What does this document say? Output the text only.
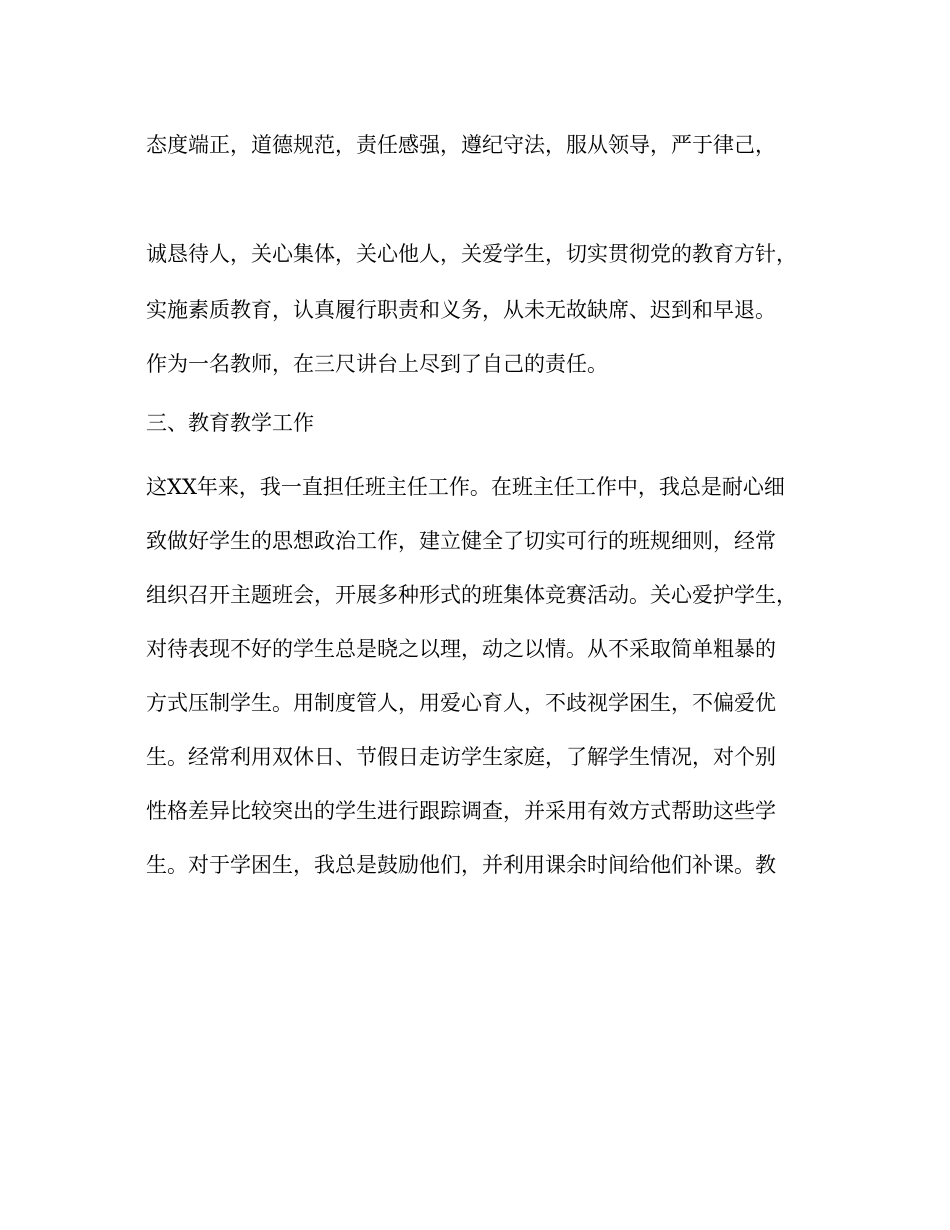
态度端正，道德规范，责任感强，遵纪守法，服从领导，严于律己，
诚恳待人，关心集体，关心他人，关爱学生，切实贯彻党的教育方针，
实施素质教育，认真履行职责和义务，从未无故缺席、迟到和早退。
作为一名教师，在三尺讲台上尽到了自己的责任。
三、教育教学工作
这XX年来，我一直担任班主任工作。在班主任工作中，我总是耐心细
致做好学生的思想政治工作，建立健全了切实可行的班规细则，经常
组织召开主题班会，开展多种形式的班集体竞赛活动。关心爱护学生，
对待表现不好的学生总是晓之以理，动之以情。从不采取简单粗暴的
方式压制学生。用制度管人，用爱心育人，不歧视学困生，不偏爱优
生。经常利用双休日、节假日走访学生家庭，了解学生情况，对个别
性格差异比较突出的学生进行跟踪调查，并采用有效方式帮助这些学
生。对于学困生，我总是鼓励他们，并利用课余时间给他们补课。教
